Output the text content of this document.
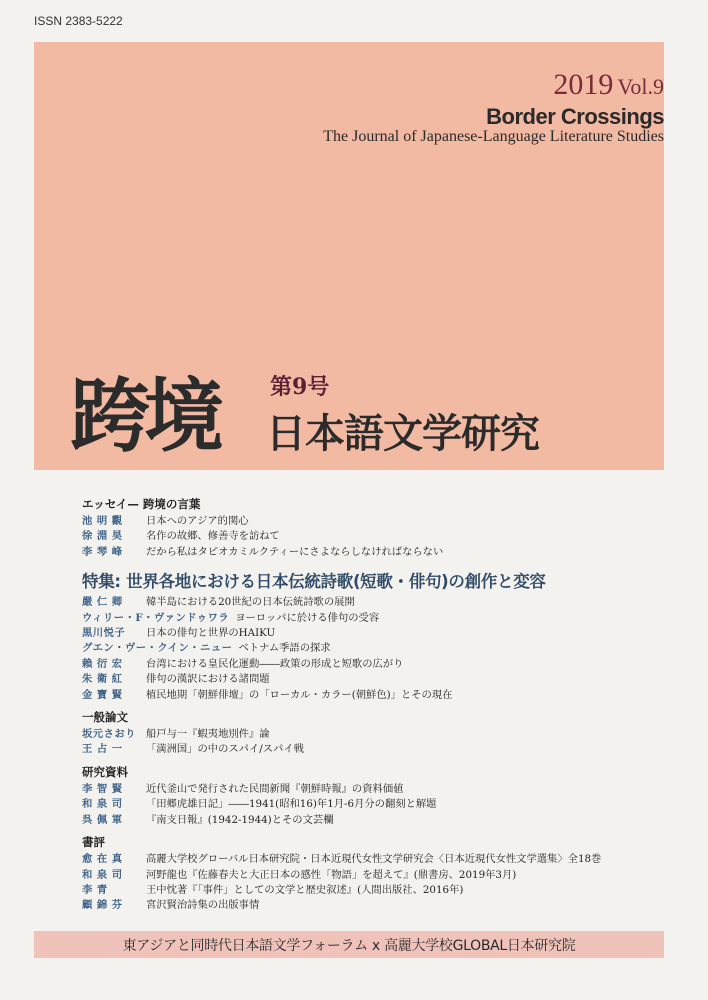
ISSN 2383-5222
2019 Vol.9
Border Crossings
The Journal of Japanese-Language Literature Studies
跨境 第9号
日本語文学研究
エッセイ— 跨境の言葉
池 明 觀	日本へのアジア的関心
徐 淵 昊	名作の故郷、修善寺を訪ねて
李 琴 峰	だから私はタピオカミルクティーにさよならしなければならない
特集: 世界各地における日本伝統詩歌(短歌・俳句)の創作と変容
嚴 仁 卿	韓半島における20世紀の日本伝統詩歌の展開
ウィリー・F・ヴァンドゥワラ ヨーロッパに於ける俳句の受容
黒川悦子	日本の俳句と世界のHAIKU
グエン・ヴー・クイン・ニュー ベトナム季語の探求
賴 衍 宏	台湾における皇民化運動――政策の形成と短歌の広がり
朱 衛 紅	俳句の漢訳における諸問題
金 寶 賢	植民地期「朝鮮俳壇」の「ローカル・カラー(朝鮮色)」とその現在
一般論文
坂元さおり 船戸与一『蝦夷地別件』論
王 占 一	「満洲国」の中のスパイ/スパイ戦
研究資料
李 智 賢	近代釜山で発行された民間新聞『朝鮮時報』の資料価値
和 泉 司	「田郷虎雄日記」――1941(昭和16)年1月-6月分の翻刻と解題
呉 佩 軍	『南支日報』(1942-1944)とその文芸欄
書評
愈 在 真	高麗大学校グローバル日本研究院・日本近現代女性文学研究会〈日本近現代女性文学選集〉全18巻
和 泉 司	河野龍也『佐藤春夫と大正日本の感性「物語」を超えて』(鼎書房、2019年3月)
李 青	王中忱著『「事件」としての文学と歴史叙述』(人間出版社、2016年)
顧 錦 芬	宮沢賢治詩集の出版事情
東アジアと同時代日本語文学フォーラム x 高麗大学校GLOBAL日本研究院
